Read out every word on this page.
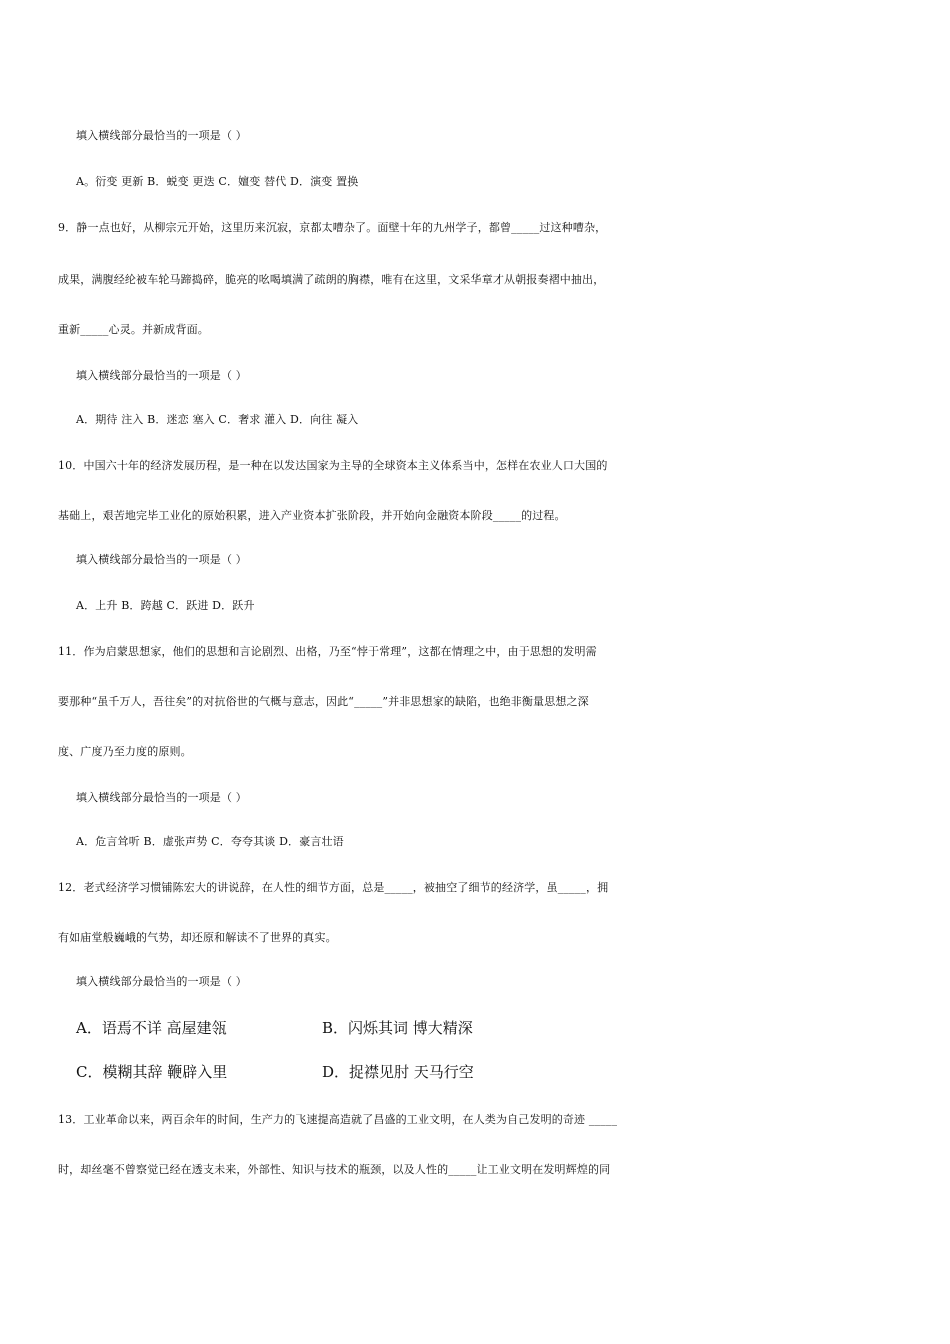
填入横线部分最恰当的一项是（ ）
A。衍变 更新 B．蜕变 更迭 C．嬗变 替代 D．演变 置换
9．静一点也好，从柳宗元开始，这里历来沉寂，京都太嘈杂了。面壁十年的九州学子，都曾_____过这种嘈杂，
成果，满腹经纶被车轮马蹄捣碎，脆亮的吆喝填满了疏朗的胸襟，唯有在这里，文采华章才从朝报奏褶中抽出，
重新_____心灵。并新成背面。
填入横线部分最恰当的一项是（ ）
A．期待 注入 B．迷恋 塞入 C．奢求 灌入 D．向往 凝入
10．中国六十年的经济发展历程，是一种在以发达国家为主导的全球资本主义体系当中，怎样在农业人口大国的
基础上，艰苦地完毕工业化的原始积累，进入产业资本扩张阶段，并开始向金融资本阶段_____的过程。
填入横线部分最恰当的一项是（ ）
A．上升 B．跨越 C．跃进 D．跃升
11．作为启蒙思想家，他们的思想和言论剧烈、出格，乃至“悖于常理”，这都在情理之中，由于思想的发明需
要那种“虽千万人，吾往矣”的对抗俗世的气概与意志，因此“_____”并非思想家的缺陷，也绝非衡量思想之深
度、广度乃至力度的原则。
填入横线部分最恰当的一项是（ ）
A．危言耸听 B．虚张声势 C．夸夸其谈 D．豪言壮语
12．老式经济学习惯铺陈宏大的讲说辞，在人性的细节方面，总是_____，被抽空了细节的经济学，虽_____，拥
有如庙堂般巍峨的气势，却还原和解读不了世界的真实。
填入横线部分最恰当的一项是（ ）
A．语焉不详 高屋建瓴	B．闪烁其词 博大精深
C．模糊其辞 鞭辟入里	D．捉襟见肘 天马行空
13．工业革命以来，两百余年的时间，生产力的飞速提高造就了昌盛的工业文明，在人类为自己发明的奇迹 _____
时，却丝毫不曾察觉已经在透支未来，外部性、知识与技术的瓶颈，以及人性的_____让工业文明在发明辉煌的同
